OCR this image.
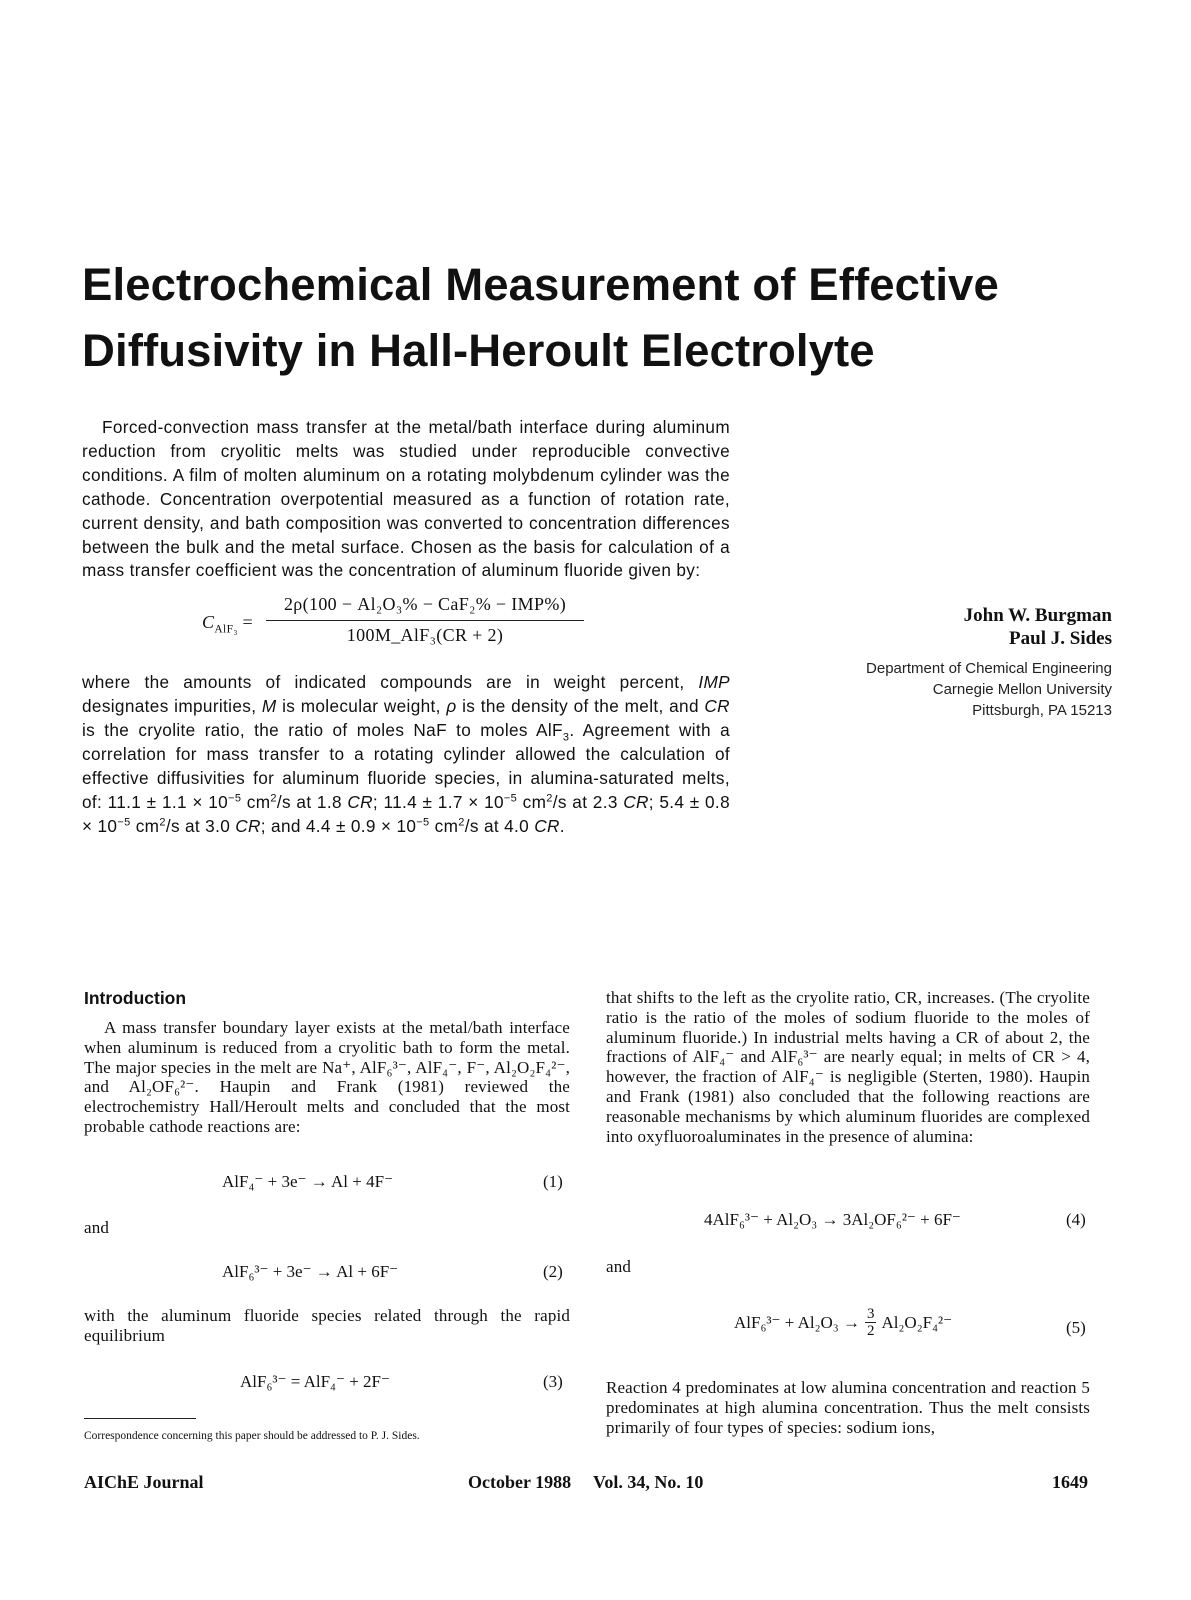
Electrochemical Measurement of Effective
Diffusivity in Hall-Heroult Electrolyte

Forced-convection mass transfer at the metal/bath interface during aluminum reduction from cryolitic melts was studied under reproducible convective conditions. A film of molten aluminum on a rotating molybdenum cylinder was the cathode. Concentration overpotential measured as a function of rotation rate, current density, and bath composition was converted to concentration differences between the bulk and the metal surface. Chosen as the basis for calculation of a mass transfer coefficient was the concentration of aluminum fluoride given by:

$C_{AlF_3}$ =
2ρ(100 − Al₂O₃% − CaF₂% − IMP%)
100M_AlF₃(CR + 2)

where the amounts of indicated compounds are in weight percent, IMP designates impurities, M is molecular weight, ρ is the density of the melt, and CR is the cryolite ratio, the ratio of moles NaF to moles AlF$_3$. Agreement with a correlation for mass transfer to a rotating cylinder allowed the calculation of effective diffusivities for aluminum fluoride species, in alumina-saturated melts, of: $11.1 \pm 1.1 \times 10^{-5}$ $cm^2/s$ at 1.8 CR; $11.4 \pm 1.7 \times 10^{-5}$ $cm^2/s$ at 2.3 CR; $5.4 \pm 0.8 \times 10^{-5}$ $cm^2/s$ at 3.0 CR; and $4.4 \pm 0.9 \times 10^{-5}$ $cm^2/s$ at 4.0 CR.

John W. Burgman
Paul J. Sides
Department of Chemical Engineering
Carnegie Mellon University
Pittsburgh, PA 15213
Introduction

A mass transfer boundary layer exists at the metal/bath interface when aluminum is reduced from a cryolitic bath to form the metal. The major species in the melt are Na⁺, AlF₆³⁻, AlF₄⁻, F⁻, Al₂O₂F₄²⁻, and Al₂OF₆²⁻. Haupin and Frank (1981) reviewed the electrochemistry Hall/Heroult melts and concluded that the most probable cathode reactions are:

AlF₄⁻ + 3e⁻ → Al + 4F⁻	(1)
and
AlF₆³⁻ + 3e⁻ → Al + 6F⁻	(2)

with the aluminum fluoride species related through the rapid equilibrium

AlF₆³⁻ = AlF₄⁻ + 2F⁻	(3)
Correspondence concerning this paper should be addressed to P. J. Sides.

that shifts to the left as the cryolite ratio, CR, increases. (The cryolite ratio is the ratio of the moles of sodium fluoride to the moles of aluminum fluoride.) In industrial melts having a CR of about 2, the fractions of AlF₄⁻ and AlF₆³⁻ are nearly equal; in melts of CR > 4, however, the fraction of AlF₄⁻ is negligible (Sterten, 1980). Haupin and Frank (1981) also concluded that the following reactions are reasonable mechanisms by which aluminum fluorides are complexed into oxyfluoroaluminates in the presence of alumina:

4AlF₆³⁻ + Al₂O₃ → 3Al₂OF₆²⁻ + 6F⁻	(4)
and
AlF₆³⁻ + Al₂O₃ → 3
2 Al₂O₂F₄²⁻	(5)

Reaction 4 predominates at low alumina concentration and reaction 5 predominates at high alumina concentration. Thus the melt consists primarily of four types of species: sodium ions,

AIChE Journal	October 1988 Vol. 34, No. 10	1649
